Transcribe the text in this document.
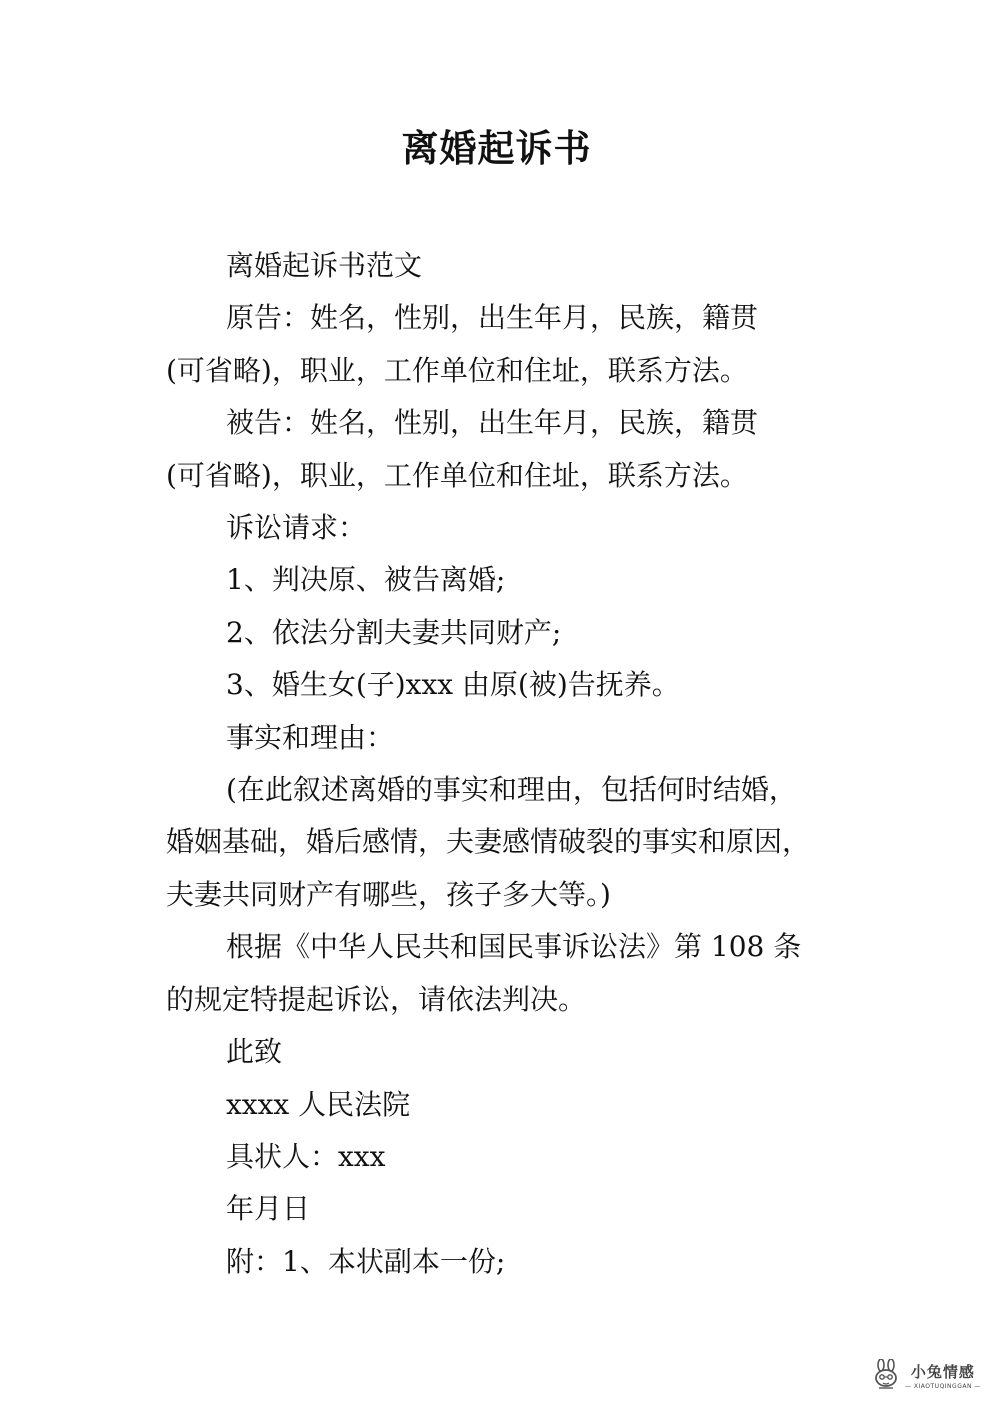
离婚起诉书
离婚起诉书范文
原告：姓名，性别，出生年月，民族，籍贯
(可省略)，职业，工作单位和住址，联系方法。
被告：姓名，性别，出生年月，民族，籍贯
(可省略)，职业，工作单位和住址，联系方法。
诉讼请求：
1、判决原、被告离婚;
2、依法分割夫妻共同财产;
3、婚生女(子)xxx 由原(被)告抚养。
事实和理由：
(在此叙述离婚的事实和理由，包括何时结婚，
婚姻基础，婚后感情，夫妻感情破裂的事实和原因，
夫妻共同财产有哪些，孩子多大等。)
根据《中华人民共和国民事诉讼法》第 108 条
的规定特提起诉讼，请依法判决。
此致
xxxx 人民法院
具状人：xxx
年月日
附：1、本状副本一份;
小兔情感
— XIAOTUQINGGAN —
